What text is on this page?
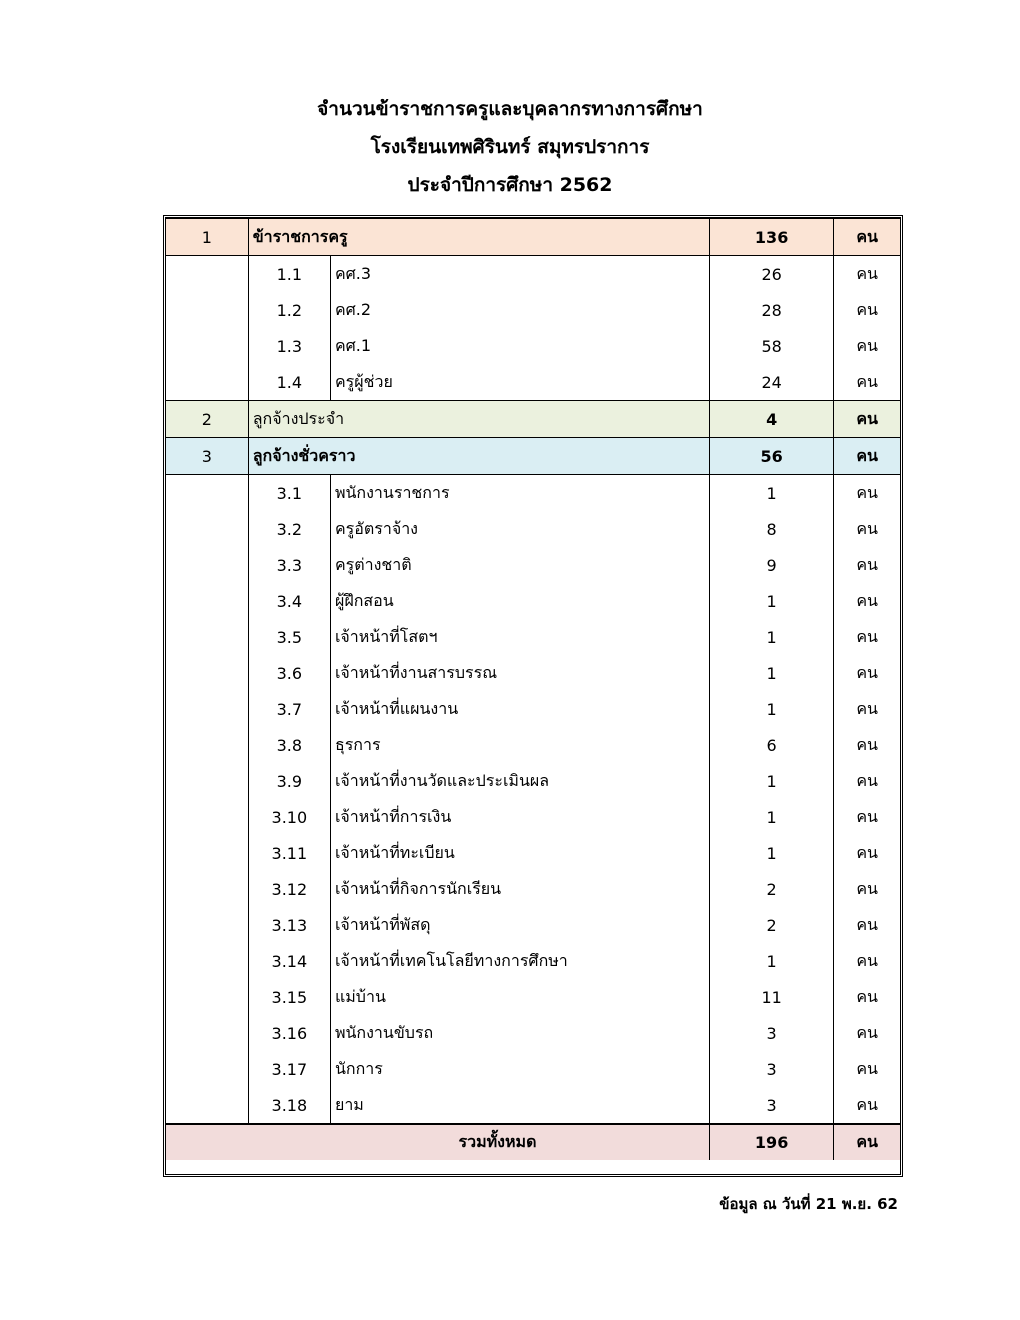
จำนวนข้าราชการครูและบุคลากรทางการศึกษา
โรงเรียนเทพศิรินทร์ สมุทรปราการ
ประจำปีการศึกษา 2562
1	ข้าราชการครู		136	คน
	1.1	คศ.3	26	คน
	1.2	คศ.2	28	คน
	1.3	คศ.1	58	คน
	1.4	ครูผู้ช่วย	24	คน
2	ลูกจ้างประจำ		4	คน
3	ลูกจ้างชั่วคราว		56	คน
	3.1	พนักงานราชการ	1	คน
	3.2	ครูอัตราจ้าง	8	คน
	3.3	ครูต่างชาติ	9	คน
	3.4	ผู้ฝึกสอน	1	คน
	3.5	เจ้าหน้าที่โสตฯ	1	คน
	3.6	เจ้าหน้าที่งานสารบรรณ	1	คน
	3.7	เจ้าหน้าที่แผนงาน	1	คน
	3.8	ธุรการ	6	คน
	3.9	เจ้าหน้าที่งานวัดและประเมินผล	1	คน
	3.10	เจ้าหน้าที่การเงิน	1	คน
	3.11	เจ้าหน้าที่ทะเบียน	1	คน
	3.12	เจ้าหน้าที่กิจการนักเรียน	2	คน
	3.13	เจ้าหน้าที่พัสดุ	2	คน
	3.14	เจ้าหน้าที่เทคโนโลยีทางการศึกษา	1	คน
	3.15	แม่บ้าน	11	คน
	3.16	พนักงานขับรถ	3	คน
	3.17	นักการ	3	คน
	3.18	ยาม	3	คน
รวมทั้งหมด			196	คน
ข้อมูล ณ วันที่ 21 พ.ย. 62
